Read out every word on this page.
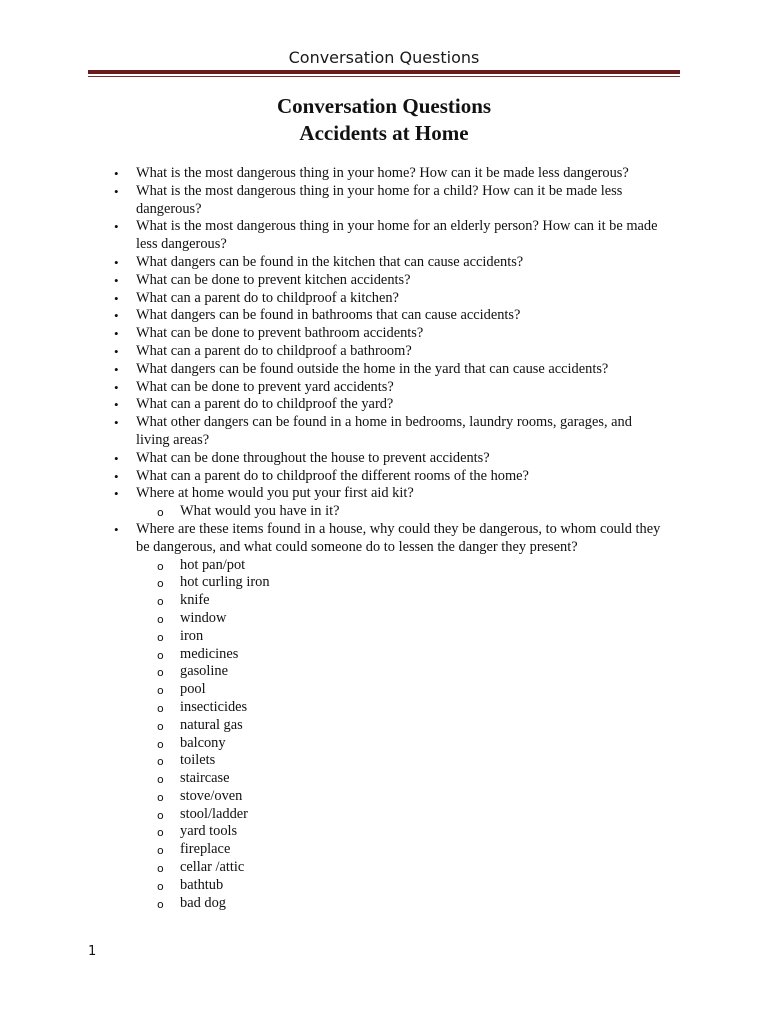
Conversation Questions
Conversation Questions
Accidents at Home
• What is the most dangerous thing in your home? How can it be made less dangerous?
• What is the most dangerous thing in your home for a child? How can it be made less dangerous?
• What is the most dangerous thing in your home for an elderly person? How can it be made less dangerous?
• What dangers can be found in the kitchen that can cause accidents?
• What can be done to prevent kitchen accidents?
• What can a parent do to childproof a kitchen?
• What dangers can be found in bathrooms that can cause accidents?
• What can be done to prevent bathroom accidents?
• What can a parent do to childproof a bathroom?
• What dangers can be found outside the home in the yard that can cause accidents?
• What can be done to prevent yard accidents?
• What can a parent do to childproof the yard?
• What other dangers can be found in a home in bedrooms, laundry rooms, garages, and living areas?
• What can be done throughout the house to prevent accidents?
• What can a parent do to childproof the different rooms of the home?
• Where at home would you put your first aid kit?
o What would you have in it?
• Where are these items found in a house, why could they be dangerous, to whom could they be dangerous, and what could someone do to lessen the danger they present?
o hot pan/pot
o hot curling iron
o knife
o window
o iron
o medicines
o gasoline
o pool
o insecticides
o natural gas
o balcony
o toilets
o staircase
o stove/oven
o stool/ladder
o yard tools
o fireplace
o cellar /attic
o bathtub
o bad dog
1
